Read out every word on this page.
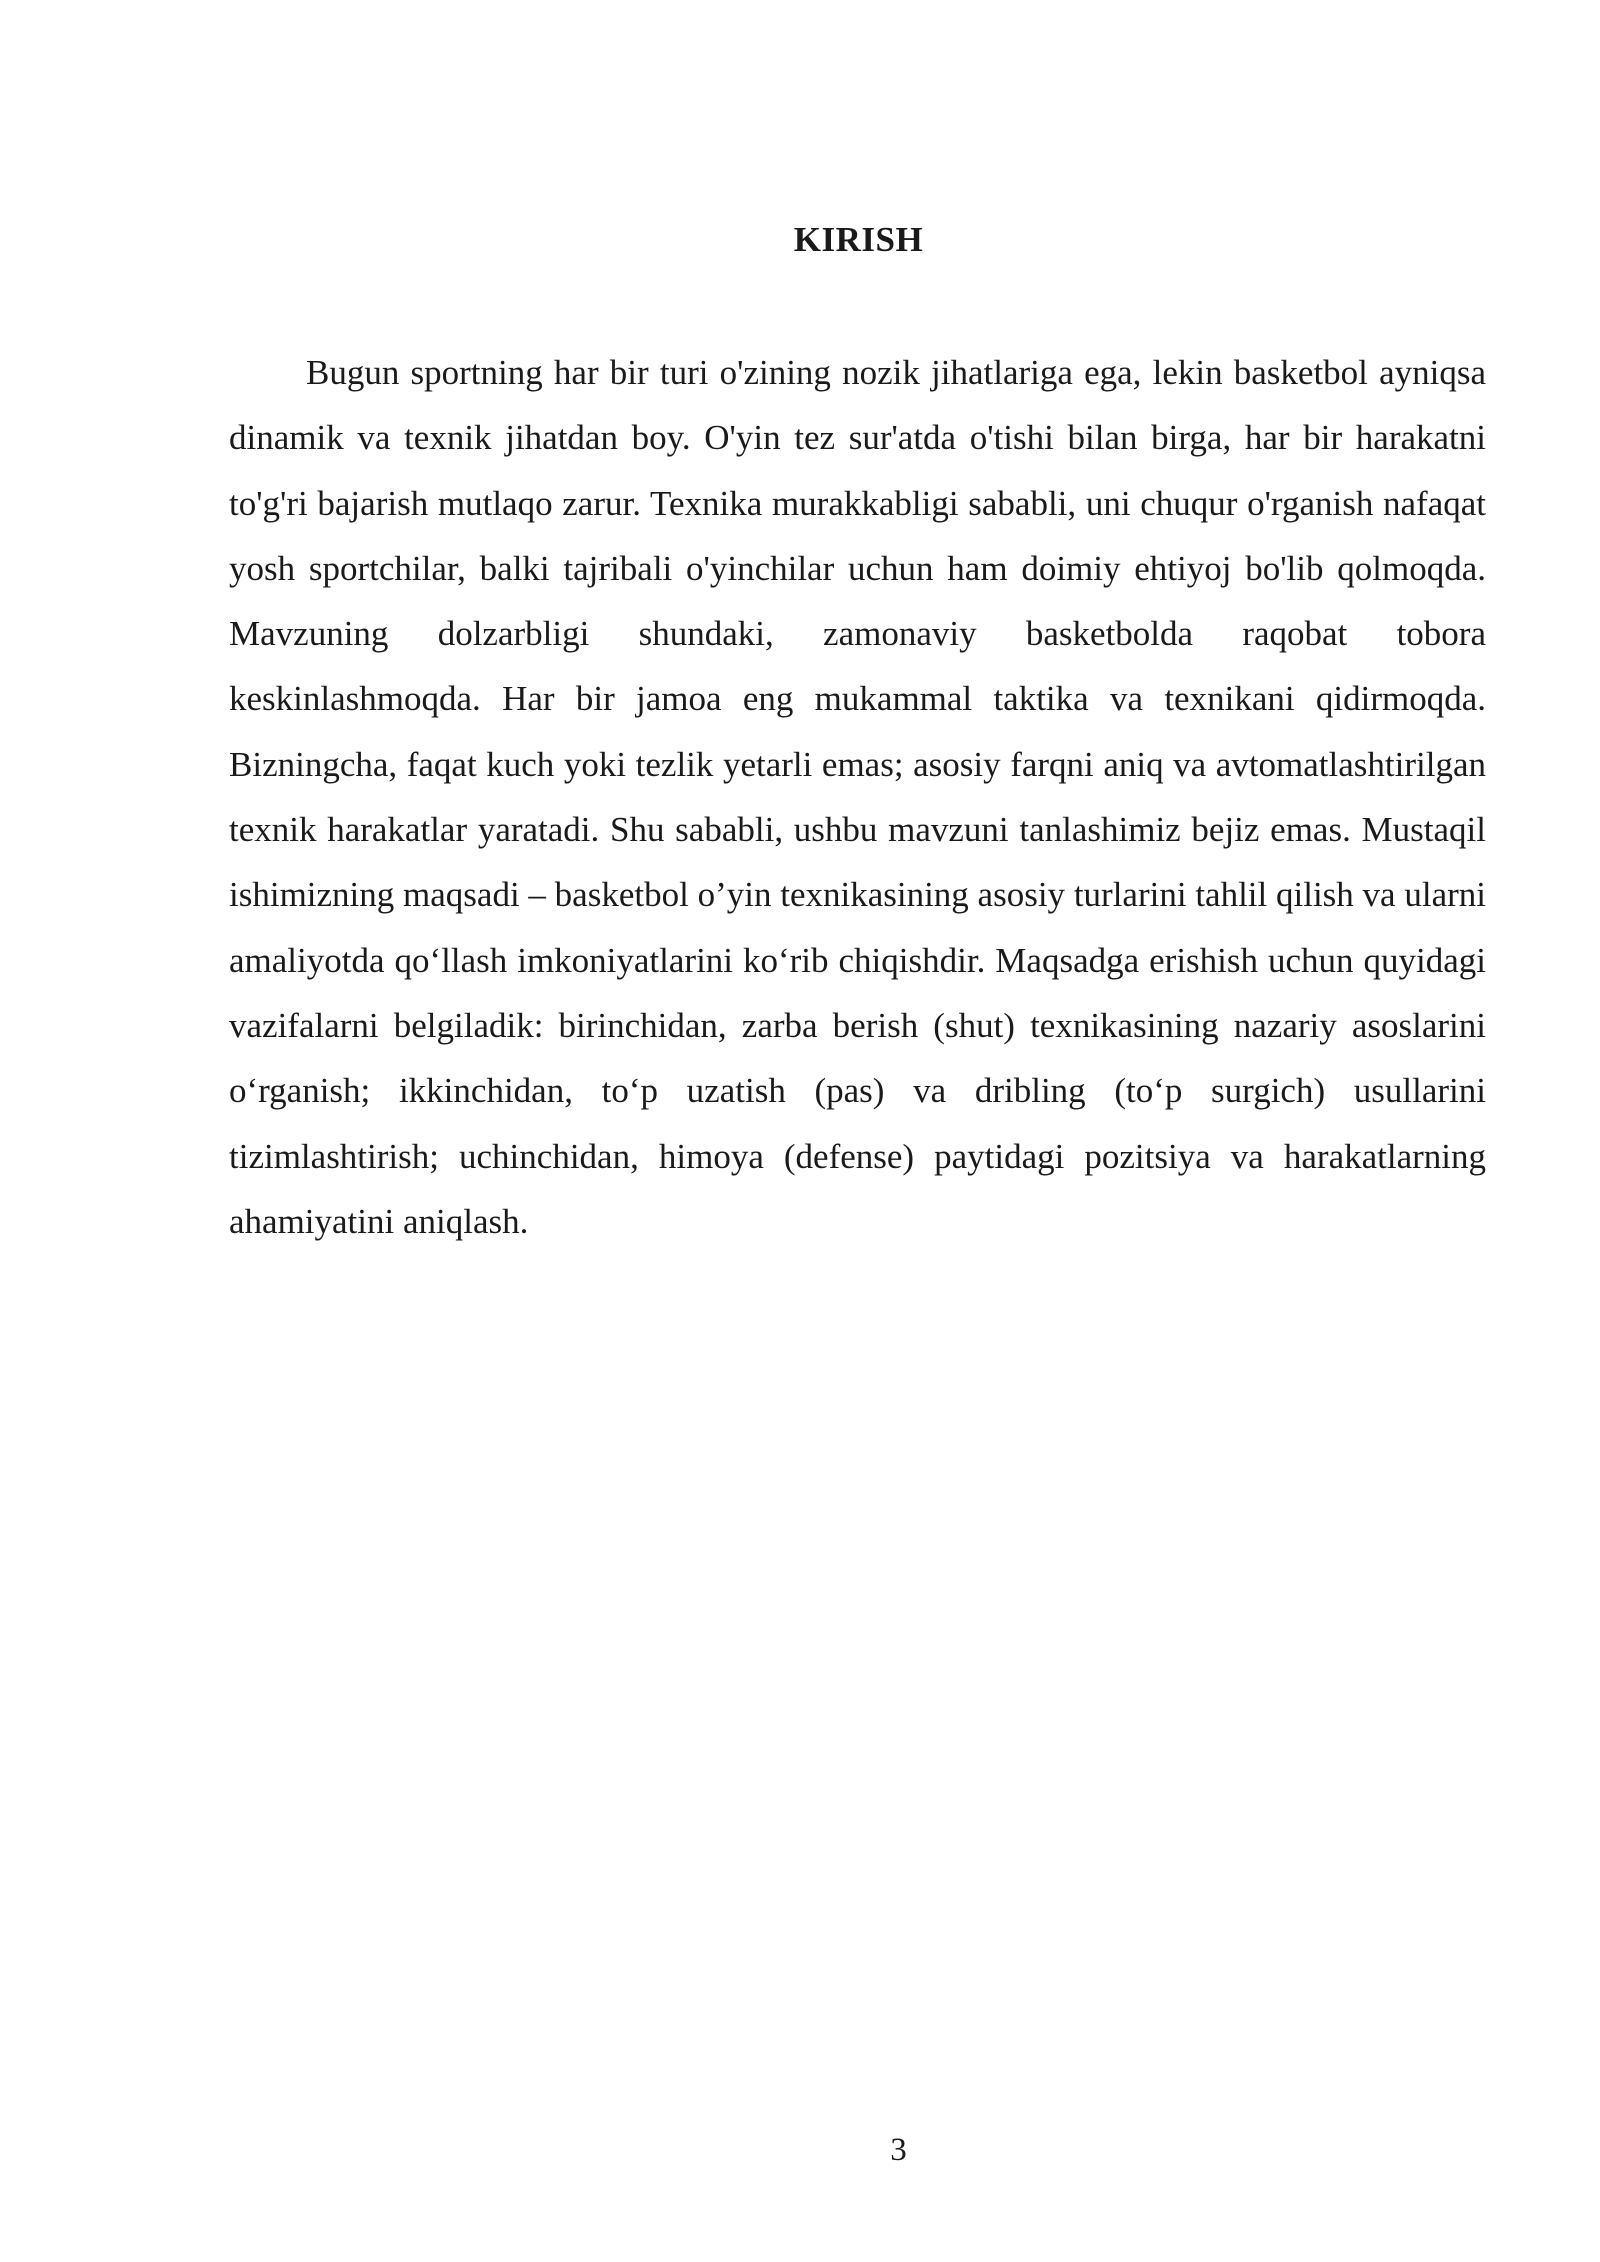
KIRISH

Bugun sportning har bir turi o'zining nozik jihatlariga ega, lekin basketbol ayniqsa dinamik va texnik jihatdan boy. O'yin tez sur'atda o'tishi bilan birga, har bir harakatni to'g'ri bajarish mutlaqo zarur. Texnika murakkabligi sababli, uni chuqur o'rganish nafaqat yosh sportchilar, balki tajribali o'yinchilar uchun ham doimiy ehtiyoj bo'lib qolmoqda. Mavzuning dolzarbligi shundaki, zamonaviy basketbolda raqobat tobora keskinlashmoqda. Har bir jamoa eng mukammal taktika va texnikani qidirmoqda. Bizningcha, faqat kuch yoki tezlik yetarli emas; asosiy farqni aniq va avtomatlashtirilgan texnik harakatlar yaratadi. Shu sababli, ushbu mavzuni tanlashimiz bejiz emas. Mustaqil ishimizning maqsadi – basketbol o’yin texnikasining asosiy turlarini tahlil qilish va ularni amaliyotda qo‘llash imkoniyatlarini ko‘rib chiqishdir. Maqsadga erishish uchun quyidagi vazifalarni belgiladik: birinchidan, zarba berish (shut) texnikasining nazariy asoslarini o‘rganish; ikkinchidan, to‘p uzatish (pas) va dribling (to‘p surgich) usullarini tizimlashtirish; uchinchidan, himoya (defense) paytidagi pozitsiya va harakatlarning ahamiyatini aniqlash.

3
